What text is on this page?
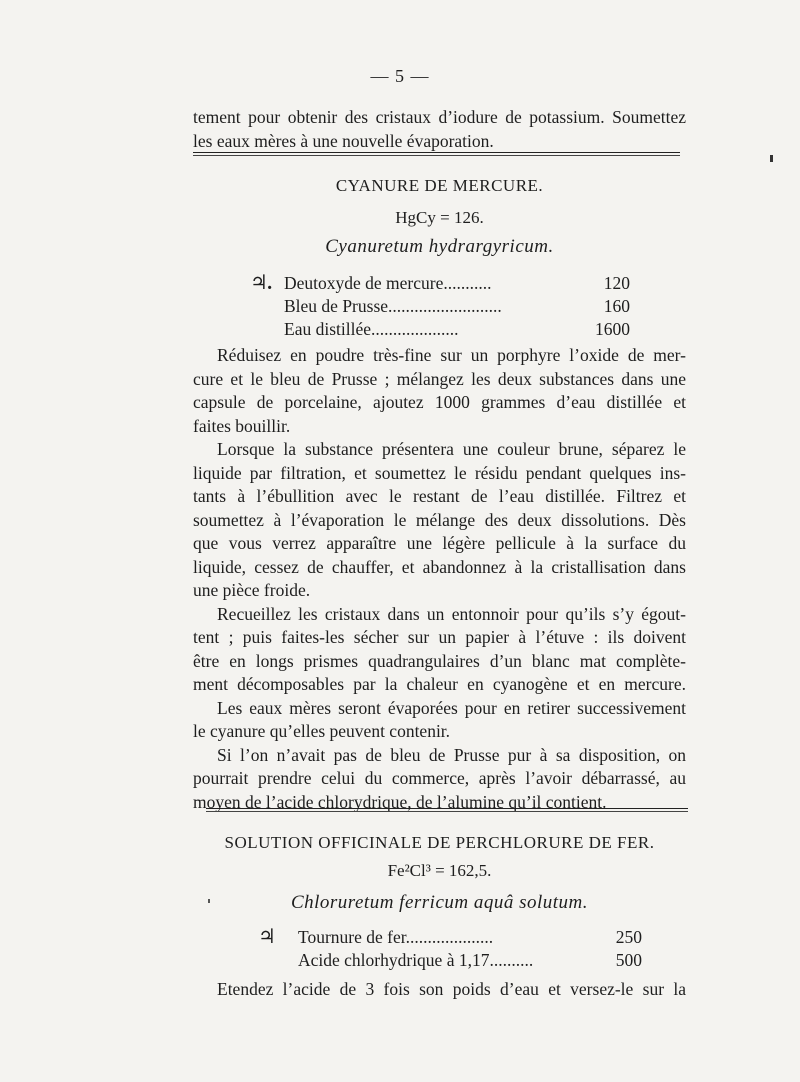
— 5 —
tement pour obtenir des cristaux d’iodure de potassium. Soumettez
les eaux mères à une nouvelle évaporation.
CYANURE DE MERCURE.
HgCy = 126.
Cyanuretum hydrargyricum.
♃. Deutoxyde de mercure...........	120
Bleu de Prusse..........................	160
Eau distillée....................	1600
Réduisez en poudre très-fine sur un porphyre l’oxide de mer-
cure et le bleu de Prusse ; mélangez les deux substances dans une
capsule de porcelaine, ajoutez 1000 grammes d’eau distillée et
faites bouillir.
Lorsque la substance présentera une couleur brune, séparez le
liquide par filtration, et soumettez le résidu pendant quelques ins-
tants à l’ébullition avec le restant de l’eau distillée. Filtrez et
soumettez à l’évaporation le mélange des deux dissolutions. Dès
que vous verrez apparaître une légère pellicule à la surface du
liquide, cessez de chauffer, et abandonnez à la cristallisation dans
une pièce froide.
Recueillez les cristaux dans un entonnoir pour qu’ils s’y égout-
tent ; puis faites-les sécher sur un papier à l’étuve : ils doivent
être en longs prismes quadrangulaires d’un blanc mat complète-
ment décomposables par la chaleur en cyanogène et en mercure.
Les eaux mères seront évaporées pour en retirer successivement
le cyanure qu’elles peuvent contenir.
Si l’on n’avait pas de bleu de Prusse pur à sa disposition, on
pourrait prendre celui du commerce, après l’avoir débarrassé, au
moyen de l’acide chlorydrique, de l’alumine qu’il contient.
SOLUTION OFFICINALE DE PERCHLORURE DE FER.
Fe²Cl³ = 162,5.
Chloruretum ferricum aquâ solutum.
♃ Tournure de fer....................	250
Acide chlorhydrique à 1,17..........	500
Etendez l’acide de 3 fois son poids d’eau et versez-le sur la
